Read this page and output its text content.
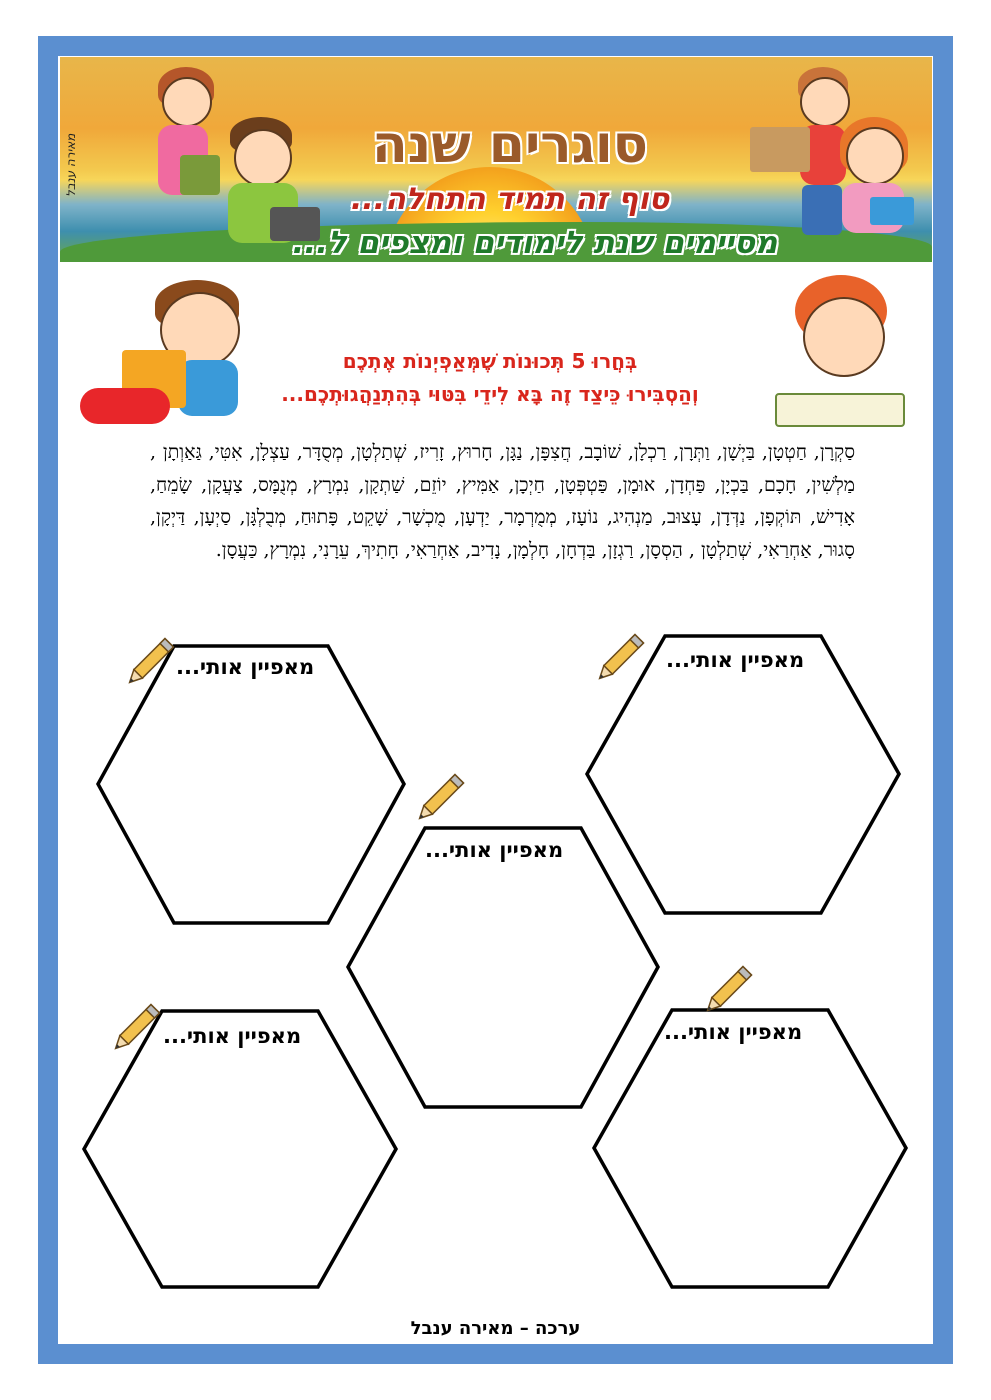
סוגרים שנה
סוף זה תמיד התחלה...
מסיימים שנת לימודים ומצפים ל...
מאירה ענבל
בְּחֲרוּ 5 תְּכוּנוֹת שֶׁמְּאַפְיְנוֹת אֶתְכֶם
וְהַסְבִּירוּ כֵּיצַד זֶה בָּא לִידֵי בִּטּוּי בְּהִתְנַהֲגוּתְכֶם...
סַקְרָן, חַטְטָן, בַּיְשָׁן, וַתְּרָן, רַכְלָן, שׁוֹבָב, חֲצִפָּן, נַגָּן, חָרוּץ, זָרִיז, שְׁתַלְטָן, מְסֻדָּר, עַצְלָן, אִטִּי, גַּאַוְתָן , מַלְשִׁין, חָכָם, בַּכְיָן, פַּחְדָן, אוּמָן, פַּטְפְּטָן, חַיְכָן, אַמִּיץ, יוֹזֵם, שַׁתְקָן, נִמְרָץ, מְנֻמָּס, צַעֲקָן, שָׂמֵחַ, אָדִישׁ, תּוֹקְפָן, נַדְּדָן, עָצוּב, מַנְהִיג, נוֹעָז, מְמֻרְמָר, יַדְעָן, מֻכְשָׁר, שָׁקֵט, פָּתוּחַ, מְבֻלְגָּן, סַיְעָן, דַּיְקָן, סָגוּר, אַחְרַאִי, שְׁתַלְטָן , הַסְסָן, רַגְזָן, בַּדְחָן, חָלְמָן, נָדִיב, אַחְרַאִי, חָתִיךְ, עֵרָנִי, נִמְרָץ, כַּעֲסָן.
מאפיין אותי...	מאפיין אותי...
מאפיין אותי...
מאפיין אותי...	מאפיין אותי...
ערכה – מאירה ענבל
